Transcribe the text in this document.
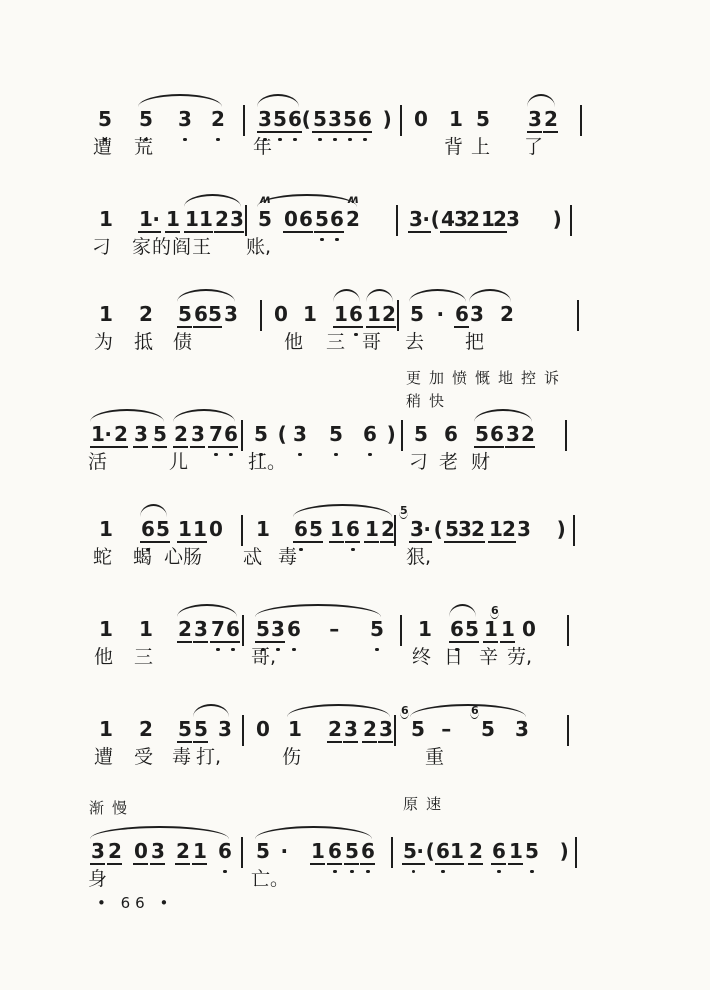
• 66 •
5 5 3 2 3 5 6 ( 5 3 5 6 ) 0 1 5 3 2
遭 荒	年	背 上 了
1 1· 1 1 1 2 3 5
ʍ
0 6 5 6 2
ʍ
3· ( 4 3
2 1
2 3 )
刁 家 的 阎 王 账,
1 2 5 6 5 3 0 1 1 6 1 2 5 · 6 3 2
为 抵 债	他 三 哥 去 把
1· 2 3 5 2 3 7 6 5 ( 3 5 6 ) 5 6 5 6 3 2
活	儿	扛。	刁 老 财
1 6 5 1 1 0 1 6 5 1 6 1 2 3·
5
( 5 3 2 1 2 3 )
蛇 蝎 心 肠 忒 毒	狠,
1 1 2 3 7 6 5 3 6 – 5 1 6 5 1 1
6
0
他 三	哥,	终 日 辛 劳,
1 2 5 5 3 0 1 2 3 2 3 5
6
– 5
6
3
遭 受 毒 打,	伤	重
3 2 0 3 2 1 6 5 · 1 6 5 6 5· ( 6 1 2 6 1 5 )
身	亡。
更加愤慨地控诉
稍快
渐慢	原速
